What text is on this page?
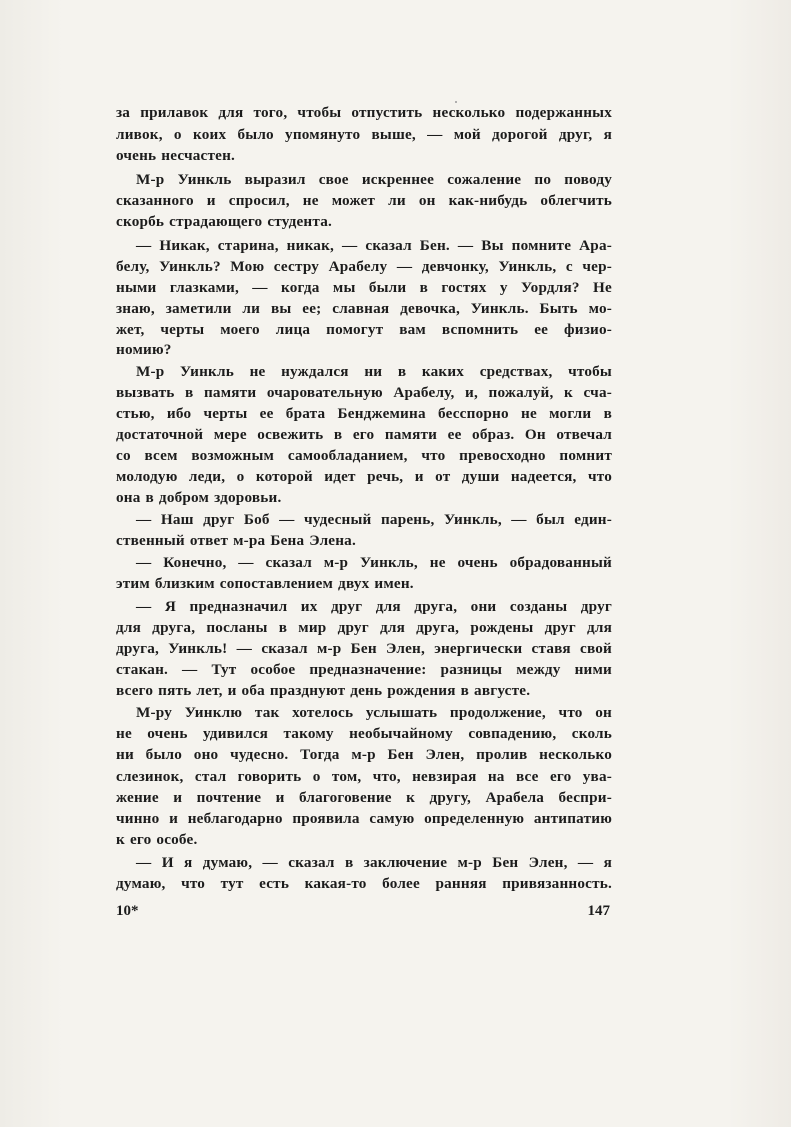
за прилавок для того, чтобы отпустить несколько подержанных
ливок, о коих было упомянуто выше, — мой дорогой друг, я
очень несчастен.
М-р Уинкль выразил свое искреннее сожаление по поводу
сказанного и спросил, не может ли он как-нибудь облегчить
скорбь страдающего студента.
— Никак, старина, никак, — сказал Бен. — Вы помните Ара-
белу, Уинкль? Мою сестру Арабелу — девчонку, Уинкль, с чер-
ными глазками, — когда мы были в гостях у Уордля? Не
знаю, заметили ли вы ее; славная девочка, Уинкль. Быть мо-
жет, черты моего лица помогут вам вспомнить ее физио-
номию?
М-р Уинкль не нуждался ни в каких средствах, чтобы
вызвать в памяти очаровательную Арабелу, и, пожалуй, к сча-
стью, ибо черты ее брата Бенджемина бесспорно не могли в
достаточной мере освежить в его памяти ее образ. Он отвечал
со всем возможным самообладанием, что превосходно помнит
молодую леди, о которой идет речь, и от души надеется, что
она в добром здоровьи.
— Наш друг Боб — чудесный парень, Уинкль, — был един-
ственный ответ м-ра Бена Элена.
— Конечно, — сказал м-р Уинкль, не очень обрадованный
этим близким сопоставлением двух имен.
— Я предназначил их друг для друга, они созданы друг
для друга, посланы в мир друг для друга, рождены друг для
друга, Уинкль! — сказал м-р Бен Элен, энергически ставя свой
стакан. — Тут особое предназначение: разницы между ними
всего пять лет, и оба празднуют день рождения в августе.
М-ру Уинклю так хотелось услышать продолжение, что он
не очень удивился такому необычайному совпадению, сколь
ни было оно чудесно. Тогда м-р Бен Элен, пролив несколько
слезинок, стал говорить о том, что, невзирая на все его ува-
жение и почтение и благоговение к другу, Арабела беспри-
чинно и неблагодарно проявила самую определенную антипатию
к его особе.
— И я думаю, — сказал в заключение м-р Бен Элен, — я
думаю, что тут есть какая-то более ранняя привязанность.
10*	147
